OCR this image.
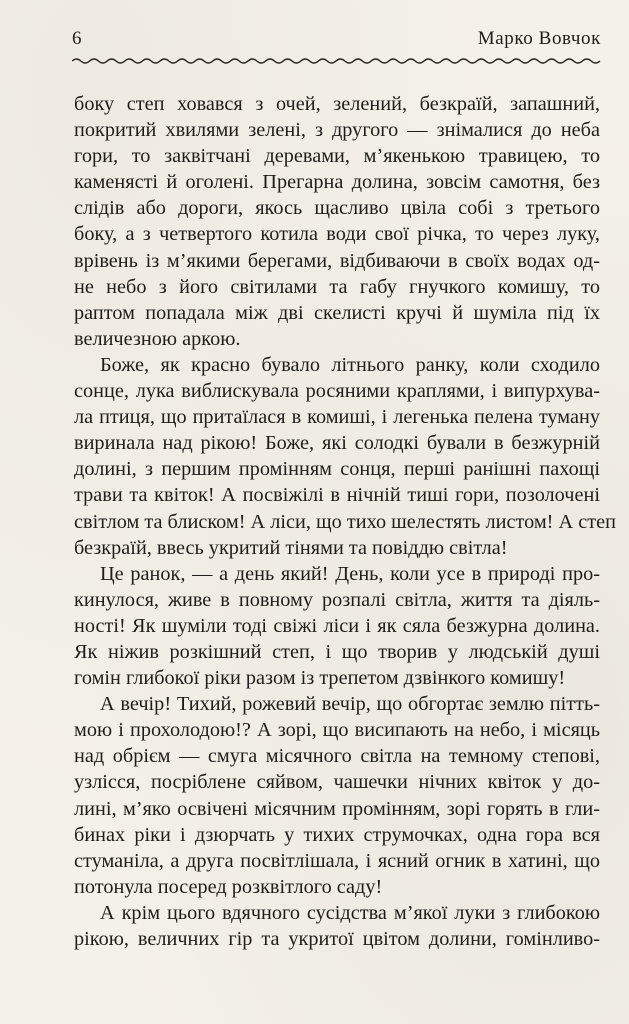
6	Марко Вовчок
боку степ ховався з очей, зелений, безкраїй, запашний,
покритий хвилями зелені, з другого — знімалися до неба
гори, то заквітчані деревами, м’якенькою травицею, то
каменясті й оголені. Прегарна долина, зовсім самотня, без
слідів або дороги, якось щасливо цвіла собі з третього
боку, а з четвертого котила води свої річка, то через луку,
врівень із м’якими берегами, відбиваючи в своїх водах од-
не небо з його світилами та габу гнучкого комишу, то
раптом попадала між дві скелисті кручі й шуміла під їх
величезною аркою.
Боже, як красно бувало літнього ранку, коли сходило
сонце, лука виблискувала росяними краплями, і випурхува-
ла птиця, що притаїлася в комиші, і легенька пелена туману
виринала над рікою! Боже, які солодкі бували в безжурній
долині, з першим промінням сонця, перші ранішні пахощі
трави та квіток! А посвіжілі в нічній тиші гори, позолочені
світлом та блиском! А ліси, що тихо шелестять листом! А степ
безкраїй, ввесь укритий тінями та повіддю світла!
Це ранок, — а день який! День, коли усе в природі про-
кинулося, живе в повному розпалі світла, життя та діяль-
ності! Як шуміли тоді свіжі ліси і як сяла безжурна долина.
Як ніжив розкішний степ, і що творив у людській душі
гомін глибокої ріки разом із трепетом дзвінкого комишу!
А вечір! Тихий, рожевий вечір, що обгортає землю пітть-
мою і прохолодою!? А зорі, що висипають на небо, і місяць
над обрієм — смуга місячного світла на темному степові,
узлісся, посріблене сяйвом, чашечки нічних квіток у до-
лині, м’яко освічені місячним промінням, зорі горять в гли-
бинах ріки і дзюрчать у тихих струмочках, одна гора вся
стуманіла, а друга посвітлішала, і ясний огник в хатині, що
потонула посеред розквітлого саду!
А крім цього вдячного сусідства м’якої луки з глибокою
рікою, величних гір та укритої цвітом долини, гомінливо-
